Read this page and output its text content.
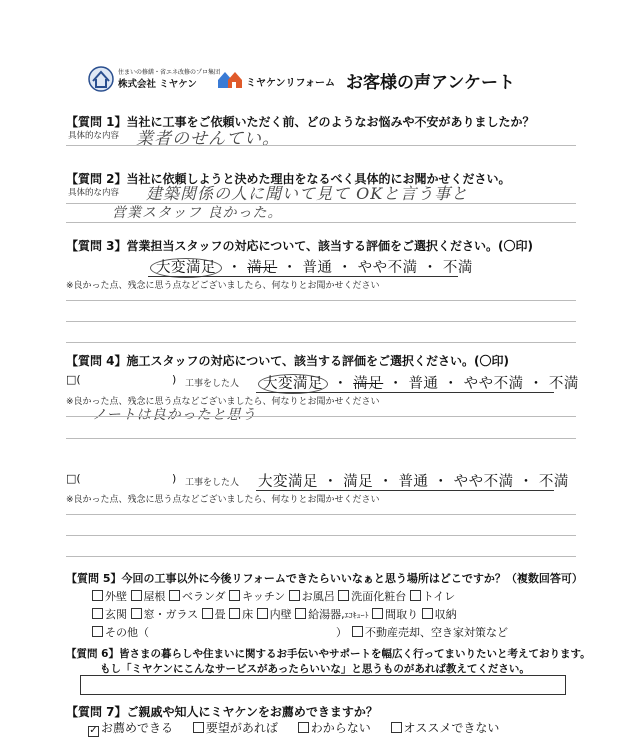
住まいの修繕・省エネ改修のプロ集団
株式会社 ミヤケン	ミヤケンリフォーム お客様の声アンケート
【質問 1】当社に工事をご依頼いただく前、どのようなお悩みや不安がありましたか？
具体的な内容 業者のせんてい。
【質問 2】当社に依頼しようと決めた理由をなるべく具体的にお聞かせください。
具体的な内容 建築関係の人に聞いて見て OKと言う事と
営業スタッフ 良かった。
【質問 3】営業担当スタッフの対応について、該当する評価をご選択ください。(〇印)
大変満足 ・ 満足 ・ 普通 ・ やや不満 ・ 不満
※良かった点、残念に思う点などございましたら、何なりとお聞かせください
【質問 4】施工スタッフの対応について、該当する評価をご選択ください。(〇印)
□(	) 工事をした人	大変満足 ・ 満足 ・ 普通 ・ やや不満 ・ 不満
※良かった点、残念に思う点などございましたら、何なりとお聞かせください
ノートは良かったと思う
□(	) 工事をした人 大変満足 ・ 満足 ・ 普通 ・ やや不満 ・ 不満
※良かった点、残念に思う点などございましたら、何なりとお聞かせください
【質問 5】今回の工事以外に今後リフォームできたらいいなぁと思う場所はどこですか？（複数回答可）
外壁 屋根 ベランダ キッチン お風呂 洗面化粧台 トイレ
玄関 窓・ガラス 畳 床 内壁 給湯器,ｴｺｷｭｰﾄ 間取り 収納
その他（	）	不動産売却、空き家対策など
【質問 6】皆さまの暮らしや住まいに関するお手伝いやサポートを幅広く行ってまいりたいと考えております。
もし「ミヤケンにこんなサービスがあったらいいな」と思うものがあれば教えてください。
【質問 7】ご親戚や知人にミヤケンをお薦めできますか？
✓ お薦めできる	要望があれば	わからない	オススメできない
